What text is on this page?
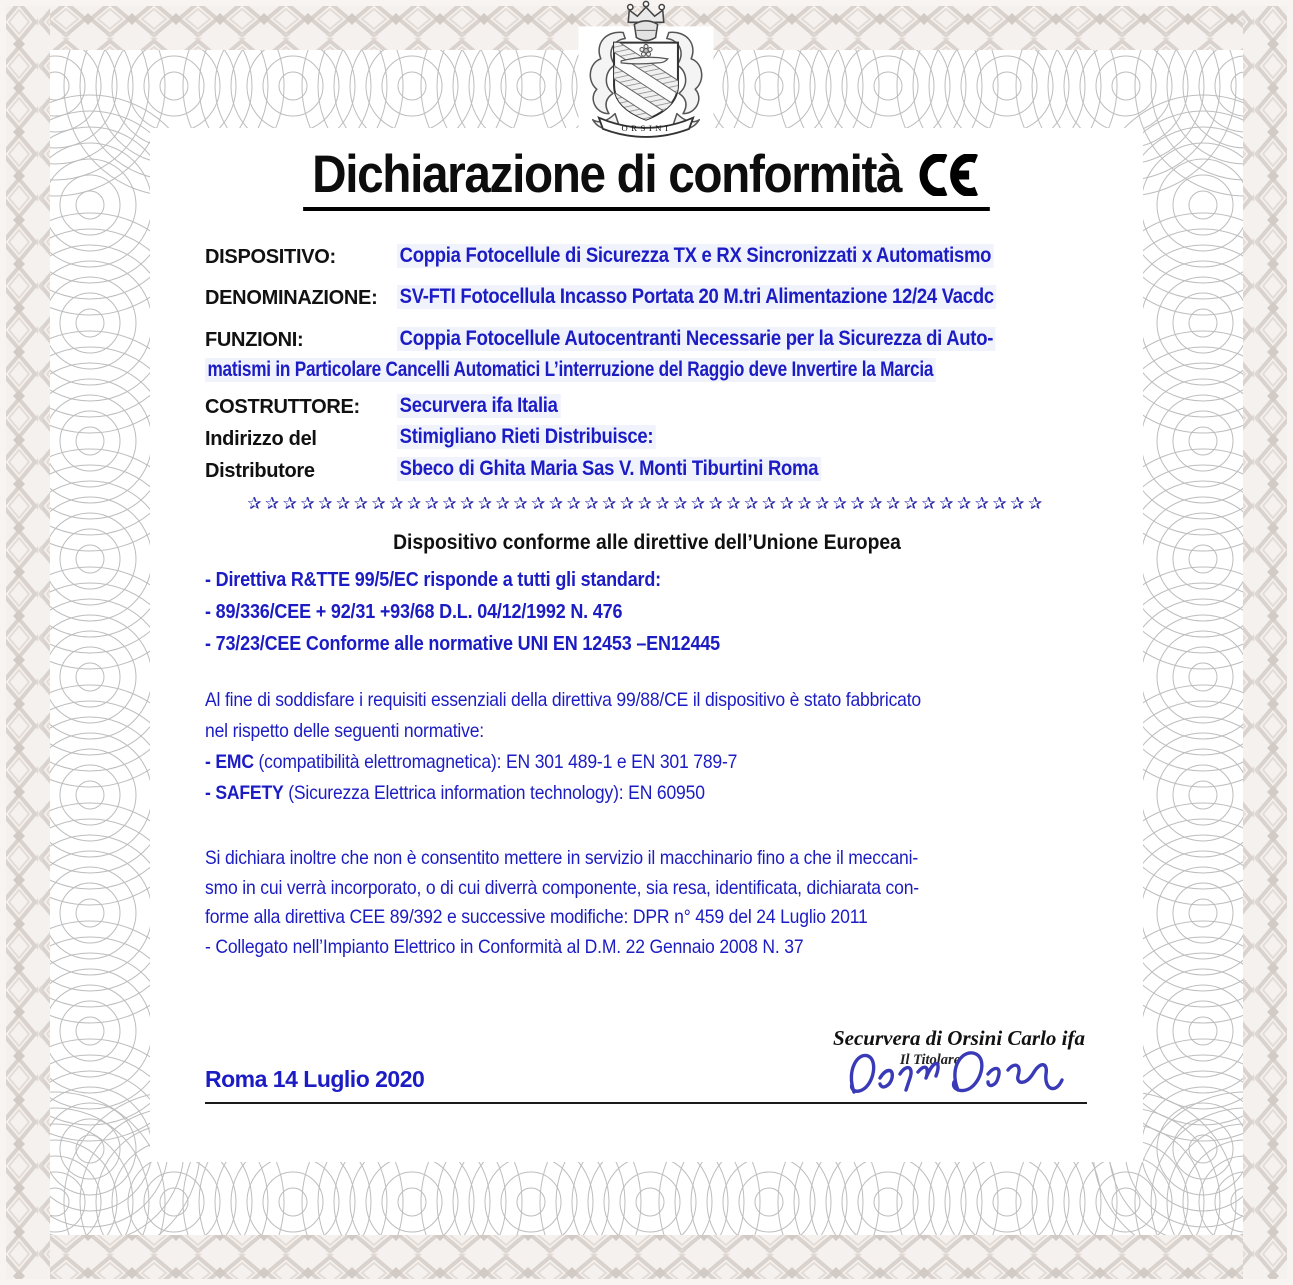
ORSINI
Dichiarazione di conformità
DISPOSITIVO:	Coppia Fotocellule di Sicurezza TX e RX Sincronizzati x Automatismo
DENOMINAZIONE: SV-FTI Fotocellula Incasso Portata 20 M.tri Alimentazione 12/24 Vacdc
FUNZIONI:	Coppia Fotocellule Autocentranti Necessarie per la Sicurezza di Auto-
matismi in Particolare Cancelli Automatici L’interruzione del Raggio deve Invertire la Marcia
COSTRUTTORE: Securvera ifa Italia
Indirizzo del	Stimigliano Rieti Distribuisce:
Distributore	Sbeco di Ghita Maria Sas V. Monti Tiburtini Roma
✰✰✰✰✰✰✰✰✰✰✰✰✰✰✰✰✰✰✰✰✰✰✰✰✰✰✰✰✰✰✰✰✰✰✰✰✰✰✰✰✰✰✰✰✰
Dispositivo conforme alle direttive dell’Unione Europea
- Direttiva R&TTE 99/5/EC risponde a tutti gli standard:
- 89/336/CEE + 92/31 +93/68 D.L. 04/12/1992 N. 476
- 73/23/CEE Conforme alle normative UNI EN 12453 –EN12445
Al fine di soddisfare i requisiti essenziali della direttiva 99/88/CE il dispositivo è stato fabbricato
nel rispetto delle seguenti normative:
- EMC (compatibilità elettromagnetica): EN 301 489-1 e EN 301 789-7
- SAFETY (Sicurezza Elettrica information technology): EN 60950
Si dichiara inoltre che non è consentito mettere in servizio il macchinario fino a che il meccani-
smo in cui verrà incorporato, o di cui diverrà componente, sia resa, identificata, dichiarata con-
forme alla direttiva CEE 89/392 e successive modifiche: DPR n° 459 del 24 Luglio 2011
- Collegato nell’Impianto Elettrico in Conformità al D.M. 22 Gennaio 2008 N. 37
Securvera di Orsini Carlo ifa
Il Titolare
Roma 14 Luglio 2020
